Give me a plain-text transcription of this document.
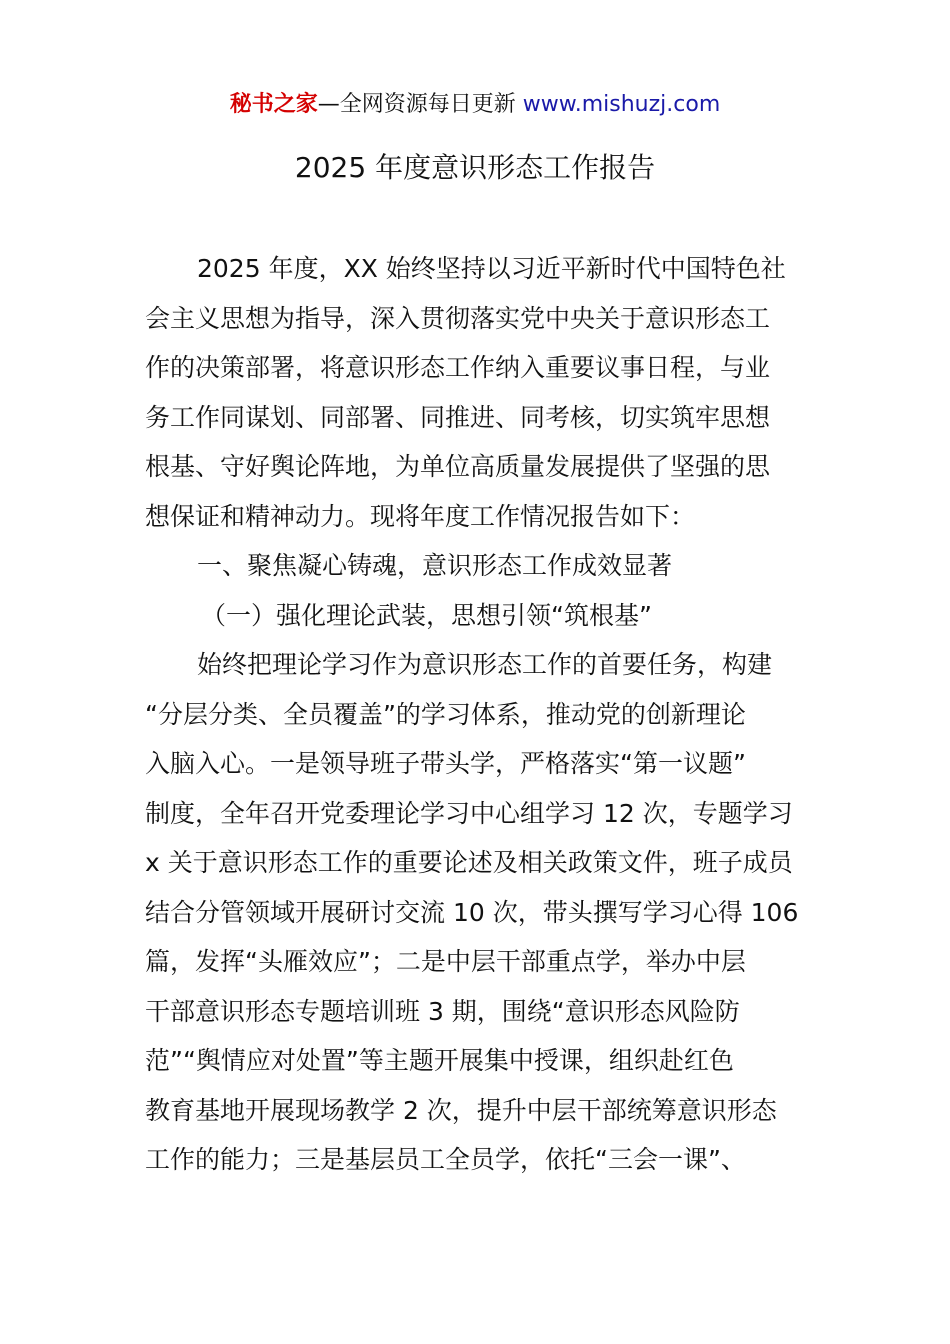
秘书之家—全网资源每日更新 www.mishuzj.com
2025 年度意识形态工作报告
2025 年度，XX 始终坚持以习近平新时代中国特色社
会主义思想为指导，深入贯彻落实党中央关于意识形态工
作的决策部署，将意识形态工作纳入重要议事日程，与业
务工作同谋划、同部署、同推进、同考核，切实筑牢思想
根基、守好舆论阵地，为单位高质量发展提供了坚强的思
想保证和精神动力。现将年度工作情况报告如下：
一、聚焦凝心铸魂，意识形态工作成效显著
（一）强化理论武装，思想引领“筑根基”
始终把理论学习作为意识形态工作的首要任务，构建
“分层分类、全员覆盖”的学习体系，推动党的创新理论
入脑入心。一是领导班子带头学，严格落实“第一议题”
制度，全年召开党委理论学习中心组学习 12 次，专题学习
x 关于意识形态工作的重要论述及相关政策文件，班子成员
结合分管领域开展研讨交流 10 次，带头撰写学习心得 106
篇，发挥“头雁效应”；二是中层干部重点学，举办中层
干部意识形态专题培训班 3 期，围绕“意识形态风险防
范”“舆情应对处置”等主题开展集中授课，组织赴红色
教育基地开展现场教学 2 次，提升中层干部统筹意识形态
工作的能力；三是基层员工全员学，依托“三会一课”、
